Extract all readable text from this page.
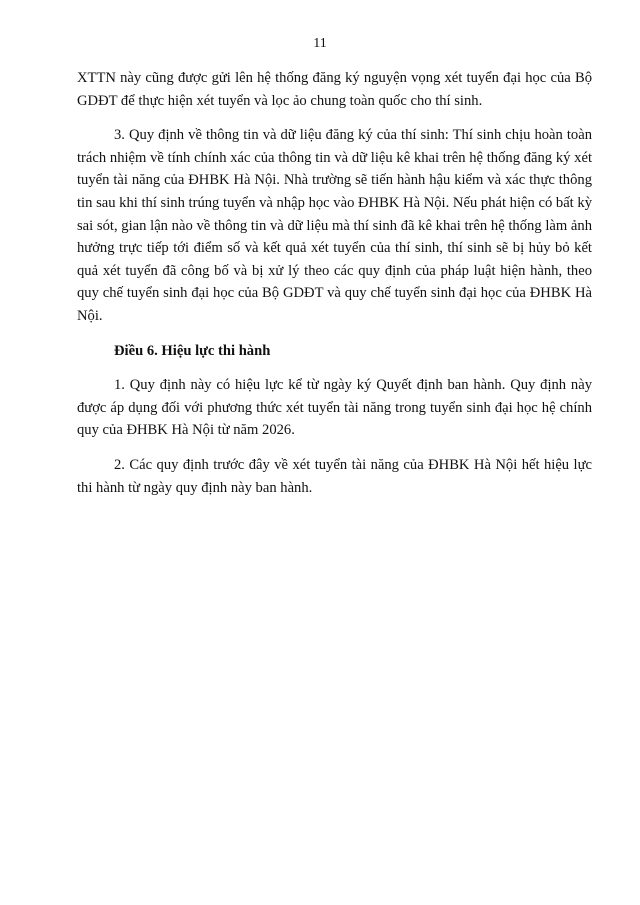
11

XTTN này cũng được gửi lên hệ thống đăng ký nguyện vọng xét tuyển đại học của Bộ GDĐT để thực hiện xét tuyển và lọc ảo chung toàn quốc cho thí sinh.

3. Quy định về thông tin và dữ liệu đăng ký của thí sinh: Thí sinh chịu hoàn toàn trách nhiệm về tính chính xác của thông tin và dữ liệu kê khai trên hệ thống đăng ký xét tuyển tài năng của ĐHBK Hà Nội. Nhà trường sẽ tiến hành hậu kiểm và xác thực thông tin sau khi thí sinh trúng tuyển và nhập học vào ĐHBK Hà Nội. Nếu phát hiện có bất kỳ sai sót, gian lận nào về thông tin và dữ liệu mà thí sinh đã kê khai trên hệ thống làm ảnh hưởng trực tiếp tới điểm số và kết quả xét tuyển của thí sinh, thí sinh sẽ bị hủy bỏ kết quả xét tuyển đã công bố và bị xử lý theo các quy định của pháp luật hiện hành, theo quy chế tuyển sinh đại học của Bộ GDĐT và quy chế tuyển sinh đại học của ĐHBK Hà Nội.

Điều 6. Hiệu lực thi hành

1. Quy định này có hiệu lực kể từ ngày ký Quyết định ban hành. Quy định này được áp dụng đối với phương thức xét tuyển tài năng trong tuyển sinh đại học hệ chính quy của ĐHBK Hà Nội từ năm 2026.

2. Các quy định trước đây về xét tuyển tài năng của ĐHBK Hà Nội hết hiệu lực thi hành từ ngày quy định này ban hành.
